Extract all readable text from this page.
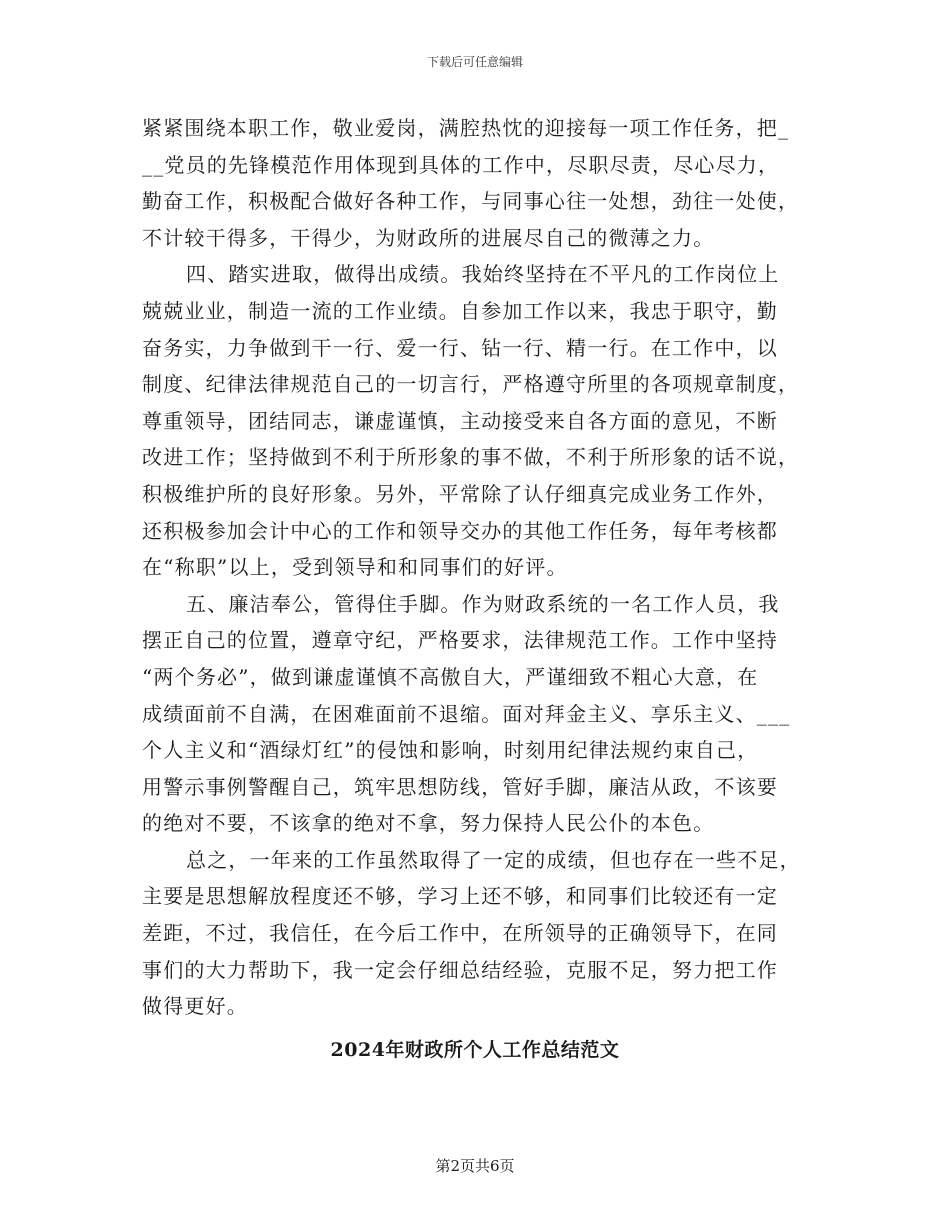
下载后可任意编辑

紧紧围绕本职工作，敬业爱岗，满腔热忱的迎接每一项工作任务，把_
__党员的先锋模范作用体现到具体的工作中，尽职尽责，尽心尽力，
勤奋工作，积极配合做好各种工作，与同事心往一处想，劲往一处使，
不计较干得多，干得少，为财政所的进展尽自己的微薄之力。

四、踏实进取，做得出成绩。我始终坚持在不平凡的工作岗位上
兢兢业业，制造一流的工作业绩。自参加工作以来，我忠于职守，勤
奋务实，力争做到干一行、爱一行、钻一行、精一行。在工作中，以
制度、纪律法律规范自己的一切言行，严格遵守所里的各项规章制度，
尊重领导，团结同志，谦虚谨慎，主动接受来自各方面的意见，不断
改进工作；坚持做到不利于所形象的事不做，不利于所形象的话不说，
积极维护所的良好形象。另外，平常除了认仔细真完成业务工作外，
还积极参加会计中心的工作和领导交办的其他工作任务，每年考核都
在“称职”以上，受到领导和和同事们的好评。

五、廉洁奉公，管得住手脚。作为财政系统的一名工作人员，我
摆正自己的位置，遵章守纪，严格要求，法律规范工作。工作中坚持
“两个务必”，做到谦虚谨慎不高傲自大，严谨细致不粗心大意，在
成绩面前不自满，在困难面前不退缩。面对拜金主义、享乐主义、___
个人主义和“酒绿灯红”的侵蚀和影响，时刻用纪律法规约束自己，
用警示事例警醒自己，筑牢思想防线，管好手脚，廉洁从政，不该要
的绝对不要，不该拿的绝对不拿，努力保持人民公仆的本色。

总之，一年来的工作虽然取得了一定的成绩，但也存在一些不足，
主要是思想解放程度还不够，学习上还不够，和同事们比较还有一定
差距，不过，我信任，在今后工作中，在所领导的正确领导下，在同
事们的大力帮助下，我一定会仔细总结经验，克服不足，努力把工作
做得更好。

2024年财政所个人工作总结范文
第2页共6页
